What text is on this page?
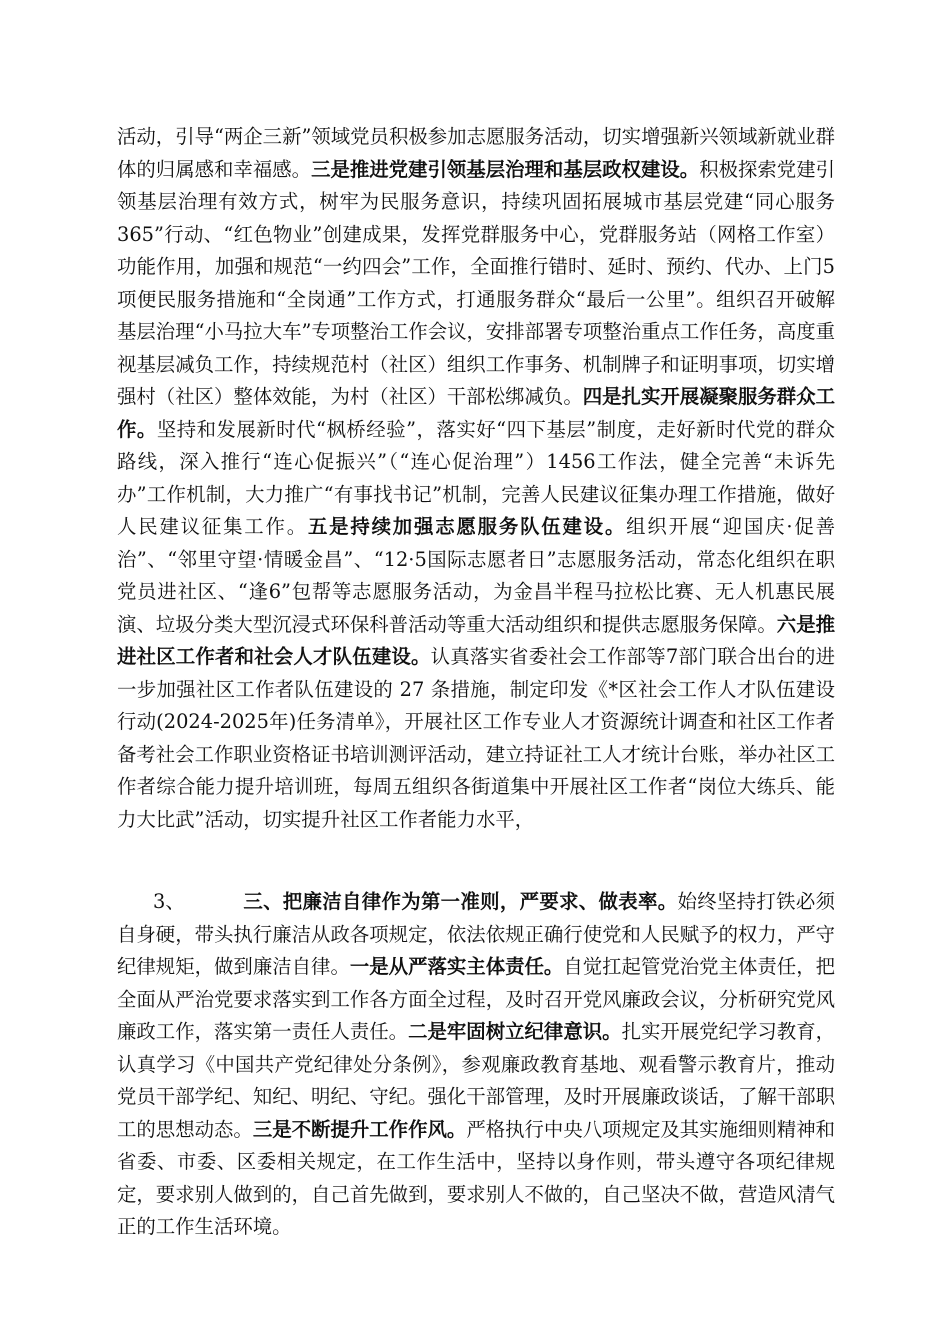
活动，引导“两企三新”领域党员积极参加志愿服务活动，切实增强新兴领域新就业群体的归属感和幸福感。三是推进党建引领基层治理和基层政权建设。积极探索党建引领基层治理有效方式，树牢为民服务意识，持续巩固拓展城市基层党建“同心服务365”行动、“红色物业”创建成果，发挥党群服务中心，党群服务站（网格工作室）功能作用，加强和规范“一约四会”工作，全面推行错时、延时、预约、代办、上门5项便民服务措施和“全岗通”工作方式，打通服务群众“最后一公里”。组织召开破解基层治理“小马拉大车”专项整治工作会议，安排部署专项整治重点工作任务，高度重视基层减负工作，持续规范村（社区）组织工作事务、机制牌子和证明事项，切实增强村（社区）整体效能，为村（社区）干部松绑减负。四是扎实开展凝聚服务群众工作。坚持和发展新时代“枫桥经验”，落实好“四下基层”制度，走好新时代党的群众路线，深入推行“连心促振兴”（“连心促治理”）1456工作法，健全完善“未诉先办”工作机制，大力推广“有事找书记”机制，完善人民建议征集办理工作措施，做好人民建议征集工作。五是持续加强志愿服务队伍建设。组织开展“迎国庆·促善治”、“邻里守望·情暖金昌”、“12·5国际志愿者日”志愿服务活动，常态化组织在职党员进社区、“逢6”包帮等志愿服务活动，为金昌半程马拉松比赛、无人机惠民展演、垃圾分类大型沉浸式环保科普活动等重大活动组织和提供志愿服务保障。六是推进社区工作者和社会人才队伍建设。认真落实省委社会工作部等7部门联合出台的进一步加强社区工作者队伍建设的 27 条措施，制定印发《*区社会工作人才队伍建设行动(2024-2025年)任务清单》，开展社区工作专业人才资源统计调查和社区工作者备考社会工作职业资格证书培训测评活动，建立持证社工人才统计台账，举办社区工作者综合能力提升培训班，每周五组织各街道集中开展社区工作者“岗位大练兵、能力大比武”活动，切实提升社区工作者能力水平，
3、	三、把廉洁自律作为第一准则，严要求、做表率。始终坚持打铁必须自身硬，带头执行廉洁从政各项规定，依法依规正确行使党和人民赋予的权力，严守纪律规矩，做到廉洁自律。一是从严落实主体责任。自觉扛起管党治党主体责任，把全面从严治党要求落实到工作各方面全过程，及时召开党风廉政会议，分析研究党风廉政工作，落实第一责任人责任。二是牢固树立纪律意识。扎实开展党纪学习教育，认真学习《中国共产党纪律处分条例》，参观廉政教育基地、观看警示教育片，推动党员干部学纪、知纪、明纪、守纪。强化干部管理，及时开展廉政谈话，了解干部职工的思想动态。三是不断提升工作作风。严格执行中央八项规定及其实施细则精神和省委、市委、区委相关规定，在工作生活中，坚持以身作则，带头遵守各项纪律规定，要求别人做到的，自己首先做到，要求别人不做的，自己坚决不做，营造风清气正的工作生活环境。
